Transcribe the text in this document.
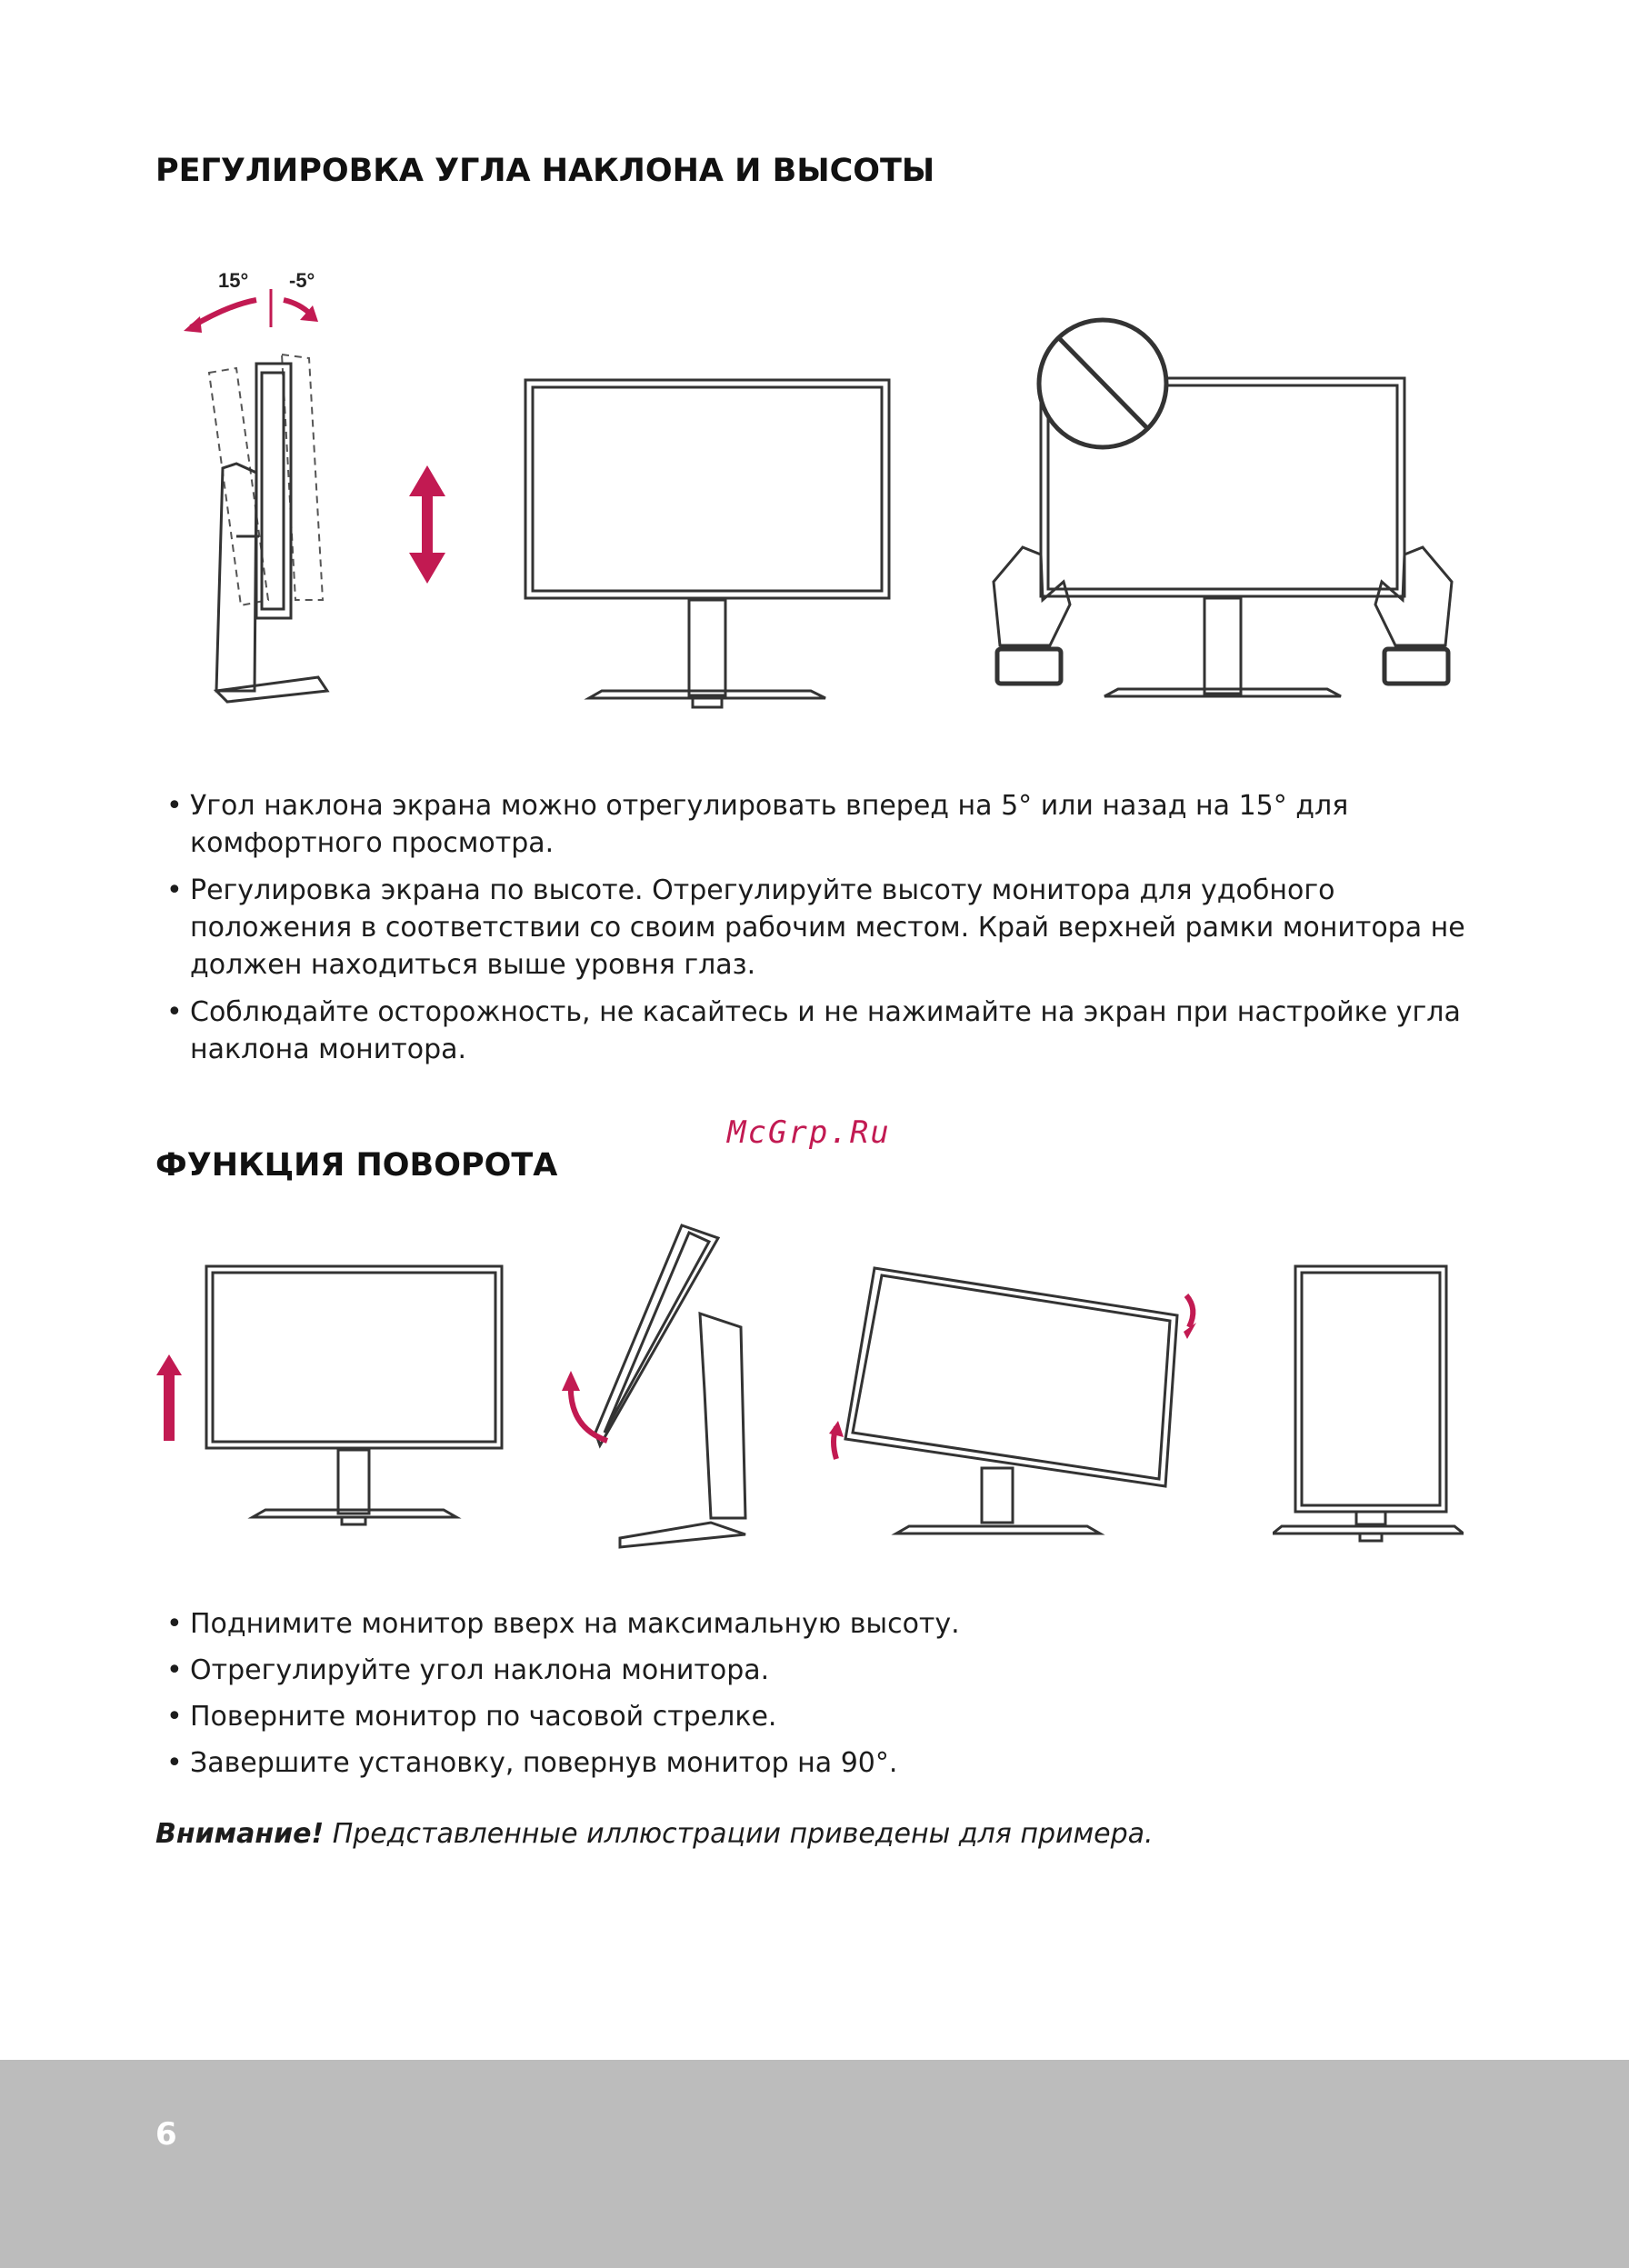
РЕГУЛИРОВКА УГЛА НАКЛОНА И ВЫСОТЫ
15° -5°
• Угол наклона экрана можно отрегулировать вперед на 5° или назад на 15° для комфортного просмотра.
• Регулировка экрана по высоте. Отрегулируйте высоту монитора для удобного положения в соответствии со своим рабочим местом. Край верхней рамки монитора не должен находиться выше уровня глаз.
• Соблюдайте осторожность, не касайтесь и не нажимайте на экран при настройке угла наклона монитора.
McGrp.Ru
ФУНКЦИЯ ПОВОРОТА
• Поднимите монитор вверх на максимальную высоту.
• Отрегулируйте угол наклона монитора.
• Поверните монитор по часовой стрелке.
• Завершите установку, повернув монитор на 90°.
Внимание! Представленные иллюстрации приведены для примера.
6
